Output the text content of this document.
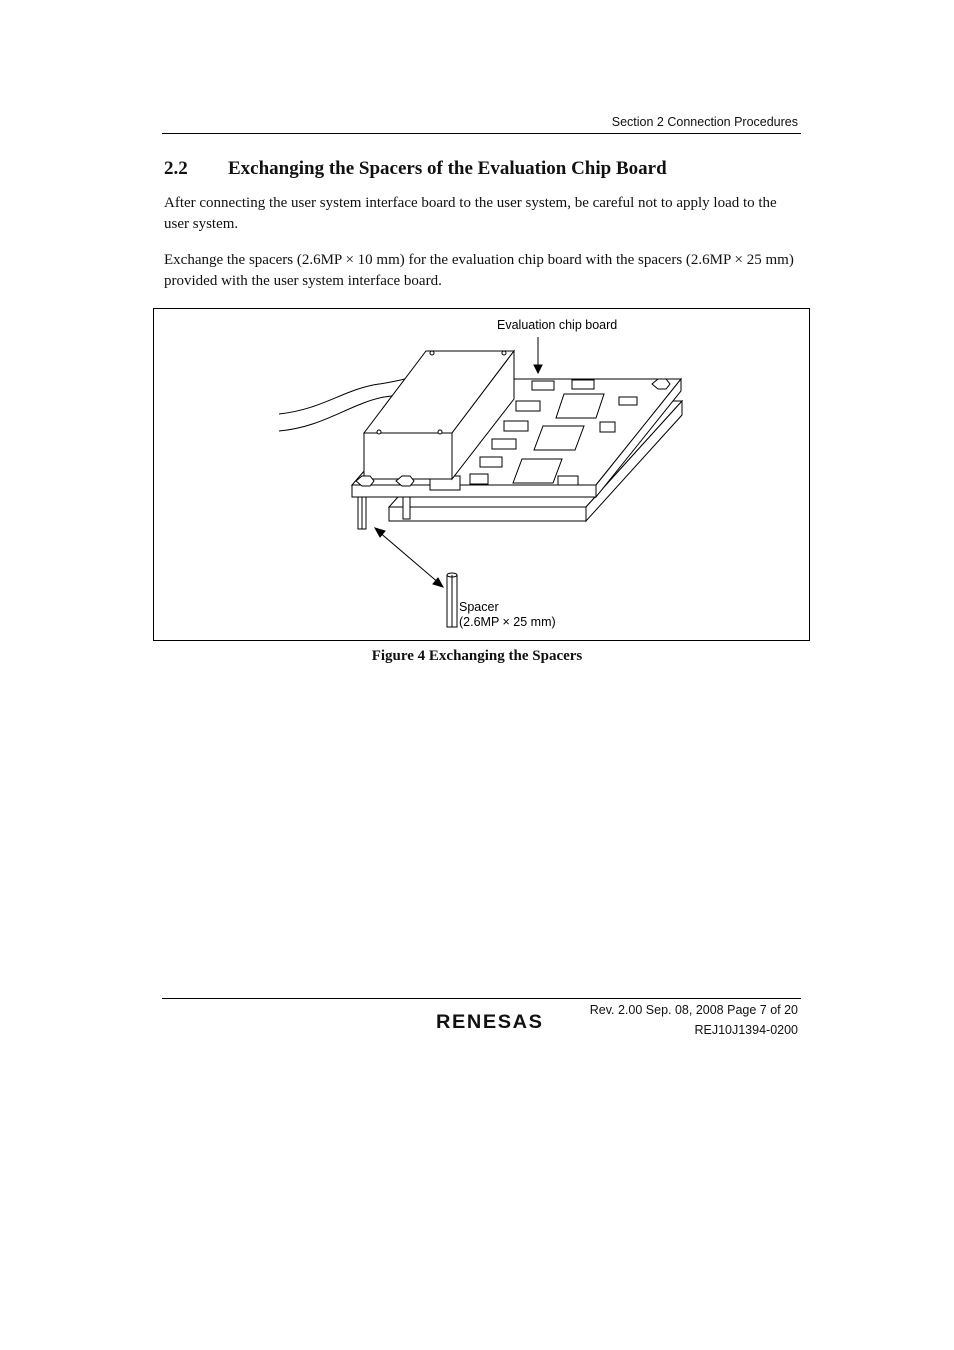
Section 2 Connection Procedures
2.2 Exchanging the Spacers of the Evaluation Chip Board

After connecting the user system interface board to the user system, be careful not to apply load to the user system.

Exchange the spacers (2.6MP × 10 mm) for the evaluation chip board with the spacers (2.6MP × 25 mm) provided with the user system interface board.

Evaluation chip board
Spacer
(2.6MP × 25 mm)
Figure 4 Exchanging the Spacers
Rev. 2.00 Sep. 08, 2008 Page 7 of 20
REJ10J1394-0200
RENESAS
